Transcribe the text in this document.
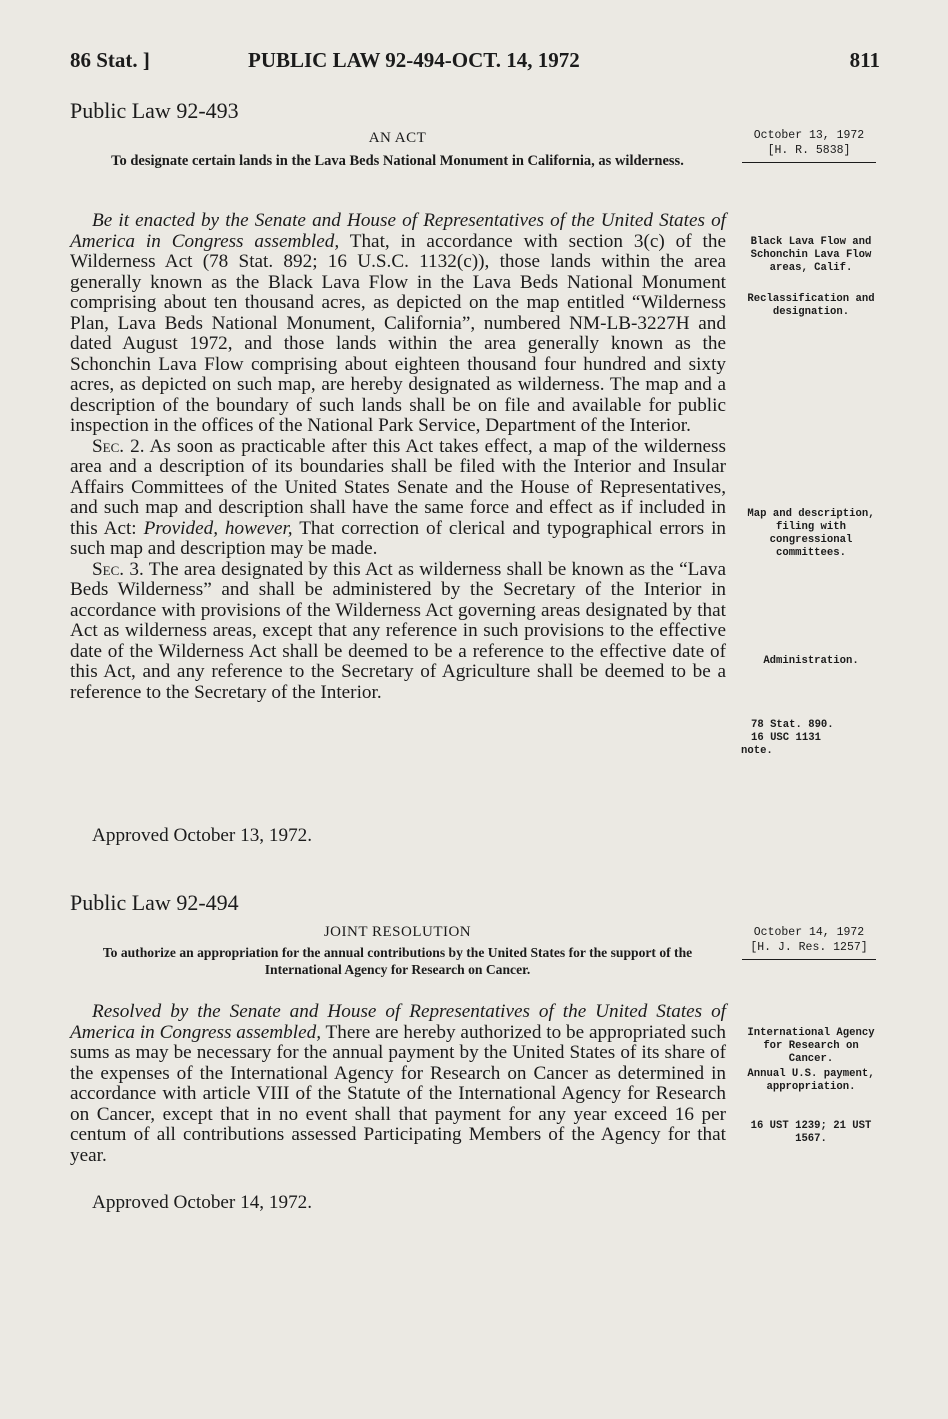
86 Stat. ]	PUBLIC LAW 92-494-OCT. 14, 1972	811
Public Law 92-493
AN ACT
To designate certain lands in the Lava Beds National Monument in California, as wilderness.
October 13, 1972
[H. R. 5838]

Be it enacted by the Senate and House of Representatives of the United States of America in Congress assembled, That, in accordance with section 3(c) of the Wilderness Act (78 Stat. 892; 16 U.S.C. 1132(c)), those lands within the area generally known as the Black Lava Flow in the Lava Beds National Monument comprising about ten thousand acres, as depicted on the map entitled “Wilderness Plan, Lava Beds National Monument, California”, numbered NM-LB-3227H and dated August 1972, and those lands within the area generally known as the Schonchin Lava Flow comprising about eighteen thousand four hundred and sixty acres, as depicted on such map, are hereby designated as wilderness. The map and a description of the boundary of such lands shall be on file and available for public inspection in the offices of the National Park Service, Department of the Interior.

Sec. 2. As soon as practicable after this Act takes effect, a map of the wilderness area and a description of its boundaries shall be filed with the Interior and Insular Affairs Committees of the United States Senate and the House of Representatives, and such map and description shall have the same force and effect as if included in this Act: Provided, however, That correction of clerical and typographical errors in such map and description may be made.

Sec. 3. The area designated by this Act as wilderness shall be known as the “Lava Beds Wilderness” and shall be administered by the Secretary of the Interior in accordance with provisions of the Wilderness Act governing areas designated by that Act as wilderness areas, except that any reference in such provisions to the effective date of the Wilderness Act shall be deemed to be a reference to the effective date of this Act, and any reference to the Secretary of Agriculture shall be deemed to be a reference to the Secretary of the Interior.

Approved October 13, 1972.
Black Lava Flow and Schonchin Lava Flow areas, Calif.
Reclassification and designation.
Map and description, filing with congressional committees.
Administration.
78 Stat. 890.
16 USC 1131
note.
Public Law 92-494
JOINT RESOLUTION
To authorize an appropriation for the annual contributions by the United States for the support of the International Agency for Research on Cancer.
October 14, 1972
[H. J. Res. 1257]

Resolved by the Senate and House of Representatives of the United States of America in Congress assembled, There are hereby authorized to be appropriated such sums as may be necessary for the annual payment by the United States of its share of the expenses of the International Agency for Research on Cancer as determined in accordance with article VIII of the Statute of the International Agency for Research on Cancer, except that in no event shall that payment for any year exceed 16 per centum of all contributions assessed Participating Members of the Agency for that year.

Approved October 14, 1972.
International Agency for Research on Cancer.
Annual U.S. payment, appropriation.
16 UST 1239; 21 UST 1567.
